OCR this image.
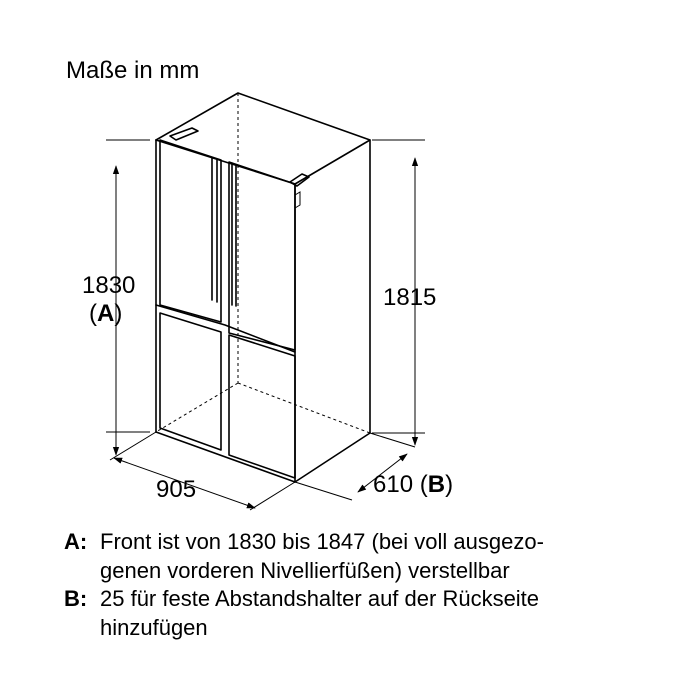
Maße in mm
1830
(A)
1815
905	610 (B)
A: Front ist von 1830 bis 1847 (bei voll ausgezo-
genen vorderen Nivellierfüßen) verstellbar
B: 25 für feste Abstandshalter auf der Rückseite
hinzufügen
